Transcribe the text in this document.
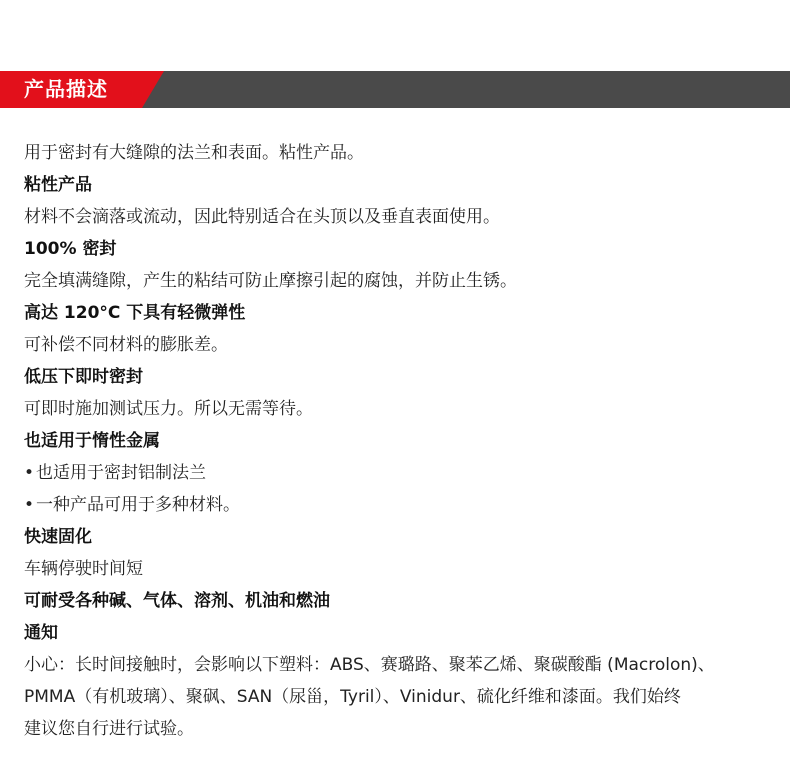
产品描述
用于密封有大缝隙的法兰和表面。粘性产品。
粘性产品
材料不会滴落或流动，因此特别适合在头顶以及垂直表面使用。
100% 密封
完全填满缝隙，产生的粘结可防止摩擦引起的腐蚀，并防止生锈。
高达 120°C 下具有轻微弹性
可补偿不同材料的膨胀差。
低压下即时密封
可即时施加测试压力。所以无需等待。
也适用于惰性金属
• 也适用于密封铝制法兰
• 一种产品可用于多种材料。
快速固化
车辆停驶时间短
可耐受各种碱、气体、溶剂、机油和燃油
通知
小心：长时间接触时，会影响以下塑料：ABS、赛璐路、聚苯乙烯、聚碳酸酯 (Macrolon)、
PMMA（有机玻璃）、聚砜、SAN（尿甾，Tyril）、Vinidur、硫化纤维和漆面。我们始终
建议您自行进行试验。
